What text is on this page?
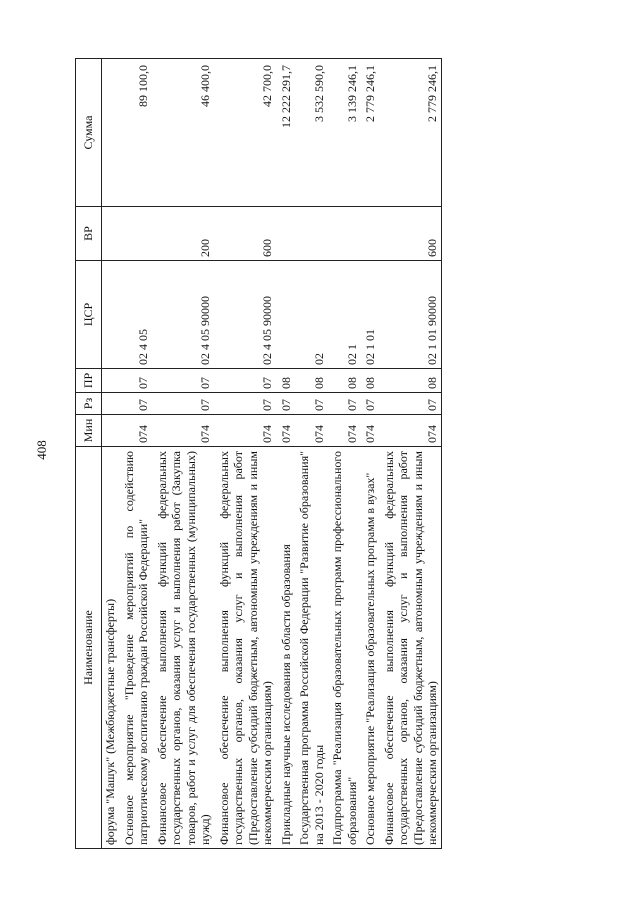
408
Наименование	Мин	Рз	ПР	ЦСР	ВР	Сумма
форума "Машук" (Межбюджетные трансферты)						
Основное мероприятие "Проведение мероприятий по содействию патриотическому воспитанию граждан Российской Федерации"	074	07	07	02 4 05		89 100,0
Финансовое обеспечение выполнения функций федеральных государственных органов, оказания услуг и выполнения работ (Закупка товаров, работ и услуг для обеспечения государственных (муниципальных) нужд)	074	07	07	02 4 05 90000	200	46 400,0
Финансовое обеспечение выполнения функций федеральных государственных органов, оказания услуг и выполнения работ (Предоставление субсидий бюджетным, автономным учреждениям и иным некоммерческим организациям)	074	07	07	02 4 05 90000	600	42 700,0
Прикладные научные исследования в области образования	074	07	08			12 222 291,7
Государственная программа Российской Федерации "Развитие образования" на 2013 - 2020 годы	074	07	08	02		3 532 590,0
Подпрограмма "Реализация образовательных программ профессионального образования"	074	07	08	02 1		3 139 246,1
Основное мероприятие "Реализация образовательных программ в вузах"	074	07	08	02 1 01		2 779 246,1
Финансовое обеспечение выполнения функций федеральных государственных органов, оказания услуг и выполнения работ (Предоставление субсидий бюджетным, автономным учреждениям и иным некоммерческим организациям)	074	07	08	02 1 01 90000	600	2 779 246,1
